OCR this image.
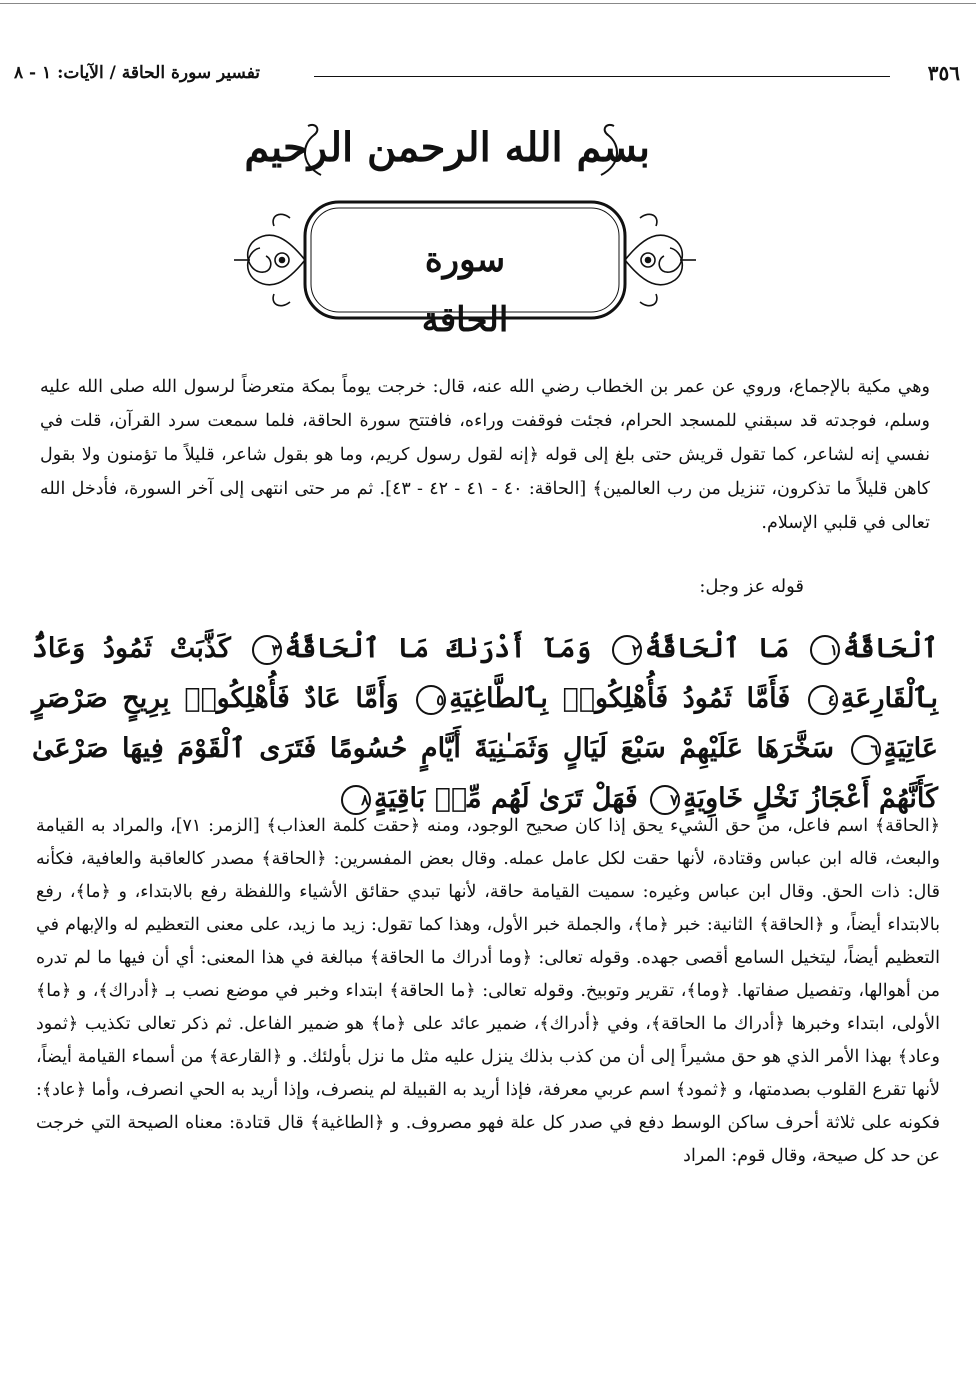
٣٥٦
تفسير سورة الحاقة / الآيات: ١ - ٨
بسم الله الرحمن الرحيم
سورة الحاقة
وهي مكية بالإجماع، وروي عن عمر بن الخطاب رضي الله عنه، قال: خرجت يوماً بمكة متعرضاً لرسول الله صلى الله عليه وسلم، فوجدته قد سبقني للمسجد الحرام، فجئت فوقفت وراءه، فافتتح سورة الحاقة، فلما سمعت سرد القرآن، قلت في نفسي إنه لشاعر، كما تقول قريش حتى بلغ إلى قوله ﴿إنه لقول رسول كريم، وما هو بقول شاعر، قليلاً ما تؤمنون ولا بقول كاهن قليلاً ما تذكرون، تنزيل من رب العالمين﴾ [الحاقة: ٤٠ - ٤١ - ٤٢ - ٤٣]. ثم مر حتى انتهى إلى آخر السورة، فأدخل الله تعالى في قلبي الإسلام.
قوله عز وجل:
ٱلْحَاقَّةُ١ مَا ٱلْحَاقَّةُ٢ وَمَآ أَدْرَىٰكَ مَا ٱلْحَاقَّةُ٣ كَذَّبَتْ ثَمُودُ وَعَادٌۢ بِٱلْقَارِعَةِ٤ فَأَمَّا ثَمُودُ فَأُهْلِكُوا۟ بِٱلطَّاغِيَةِ٥ وَأَمَّا عَادٌ فَأُهْلِكُوا۟ بِرِيحٍ صَرْصَرٍ عَاتِيَةٍ٦ سَخَّرَهَا عَلَيْهِمْ سَبْعَ لَيَالٍ وَثَمَـٰنِيَةَ أَيَّامٍ حُسُومًا فَتَرَى ٱلْقَوْمَ فِيهَا صَرْعَىٰ كَأَنَّهُمْ أَعْجَازُ نَخْلٍ خَاوِيَةٍ٧ فَهَلْ تَرَىٰ لَهُم مِّنۢ بَاقِيَةٍ٨
﴿الحاقة﴾ اسم فاعل، من حق الشيء يحق إذا كان صحيح الوجود، ومنه ﴿حقت كلمة العذاب﴾ [الزمر: ٧١]، والمراد به القيامة والبعث، قاله ابن عباس وقتادة، لأنها حقت لكل عامل عمله. وقال بعض المفسرين: ﴿الحاقة﴾ مصدر كالعاقبة والعافية، فكأنه قال: ذات الحق. وقال ابن عباس وغيره: سميت القيامة حاقة، لأنها تبدي حقائق الأشياء واللفظة رفع بالابتداء، و ﴿ما﴾، رفع بالابتداء أيضاً، و ﴿الحاقة﴾ الثانية: خبر ﴿ما﴾، والجملة خبر الأول، وهذا كما تقول: زيد ما زيد، على معنى التعظيم له والإبهام في التعظيم أيضاً، ليتخيل السامع أقصى جهده. وقوله تعالى: ﴿وما أدراك ما الحاقة﴾ مبالغة في هذا المعنى: أي أن فيها ما لم تدره من أهوالها، وتفصيل صفاتها. ﴿وما﴾، تقرير وتوبيخ. وقوله تعالى: ﴿ما الحاقة﴾ ابتداء وخبر في موضع نصب بـ ﴿أدراك﴾، و ﴿ما﴾ الأولى، ابتداء وخبرها ﴿أدراك ما الحاقة﴾، وفي ﴿أدراك﴾، ضمير عائد على ﴿ما﴾ هو ضمير الفاعل. ثم ذكر تعالى تكذيب ﴿ثمود وعاد﴾ بهذا الأمر الذي هو حق مشيراً إلى أن من كذب بذلك ينزل عليه مثل ما نزل بأولئك. و ﴿القارعة﴾ من أسماء القيامة أيضاً، لأنها تقرع القلوب بصدمتها، و ﴿ثمود﴾ اسم عربي معرفة، فإذا أريد به القبيلة لم ينصرف، وإذا أريد به الحي انصرف، وأما ﴿عاد﴾: فكونه على ثلاثة أحرف ساكن الوسط دفع في صدر كل علة فهو مصروف. و ﴿الطاغية﴾ قال قتادة: معناه الصيحة التي خرجت عن حد كل صيحة، وقال قوم: المراد
